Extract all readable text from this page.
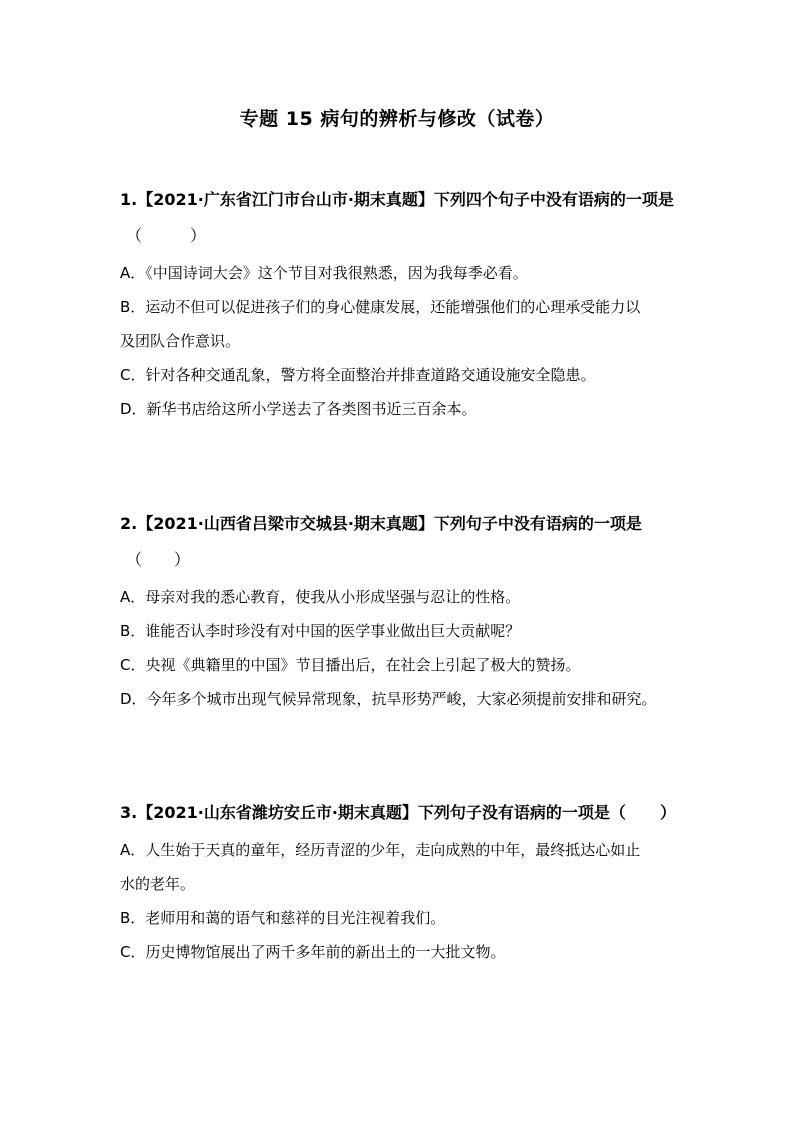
专题 15 病句的辨析与修改（试卷）
1.【2021·广东省江门市台山市·期末真题】下列四个句子中没有语病的一项是
（　　　）
A．《中国诗词大会》这个节目对我很熟悉，因为我每季必看。
B．运动不但可以促进孩子们的身心健康发展，还能增强他们的心理承受能力以
及团队合作意识。
C．针对各种交通乱象，警方将全面整治并排查道路交通设施安全隐患。
D．新华书店给这所小学送去了各类图书近三百余本。
2.【2021·山西省吕梁市交城县·期末真题】下列句子中没有语病的一项是
（　　）
A．母亲对我的悉心教育，使我从小形成坚强与忍让的性格。
B．谁能否认李时珍没有对中国的医学事业做出巨大贡献呢？
C．央视《典籍里的中国》节目播出后，在社会上引起了极大的赞扬。
D．今年多个城市出现气候异常现象，抗旱形势严峻，大家必须提前安排和研究。
3.【2021·山东省潍坊安丘市·期末真题】下列句子没有语病的一项是（ ）
A．人生始于天真的童年，经历青涩的少年，走向成熟的中年，最终抵达心如止
水的老年。
B．老师用和蔼的语气和慈祥的目光注视着我们。
C．历史博物馆展出了两千多年前的新出土的一大批文物。
